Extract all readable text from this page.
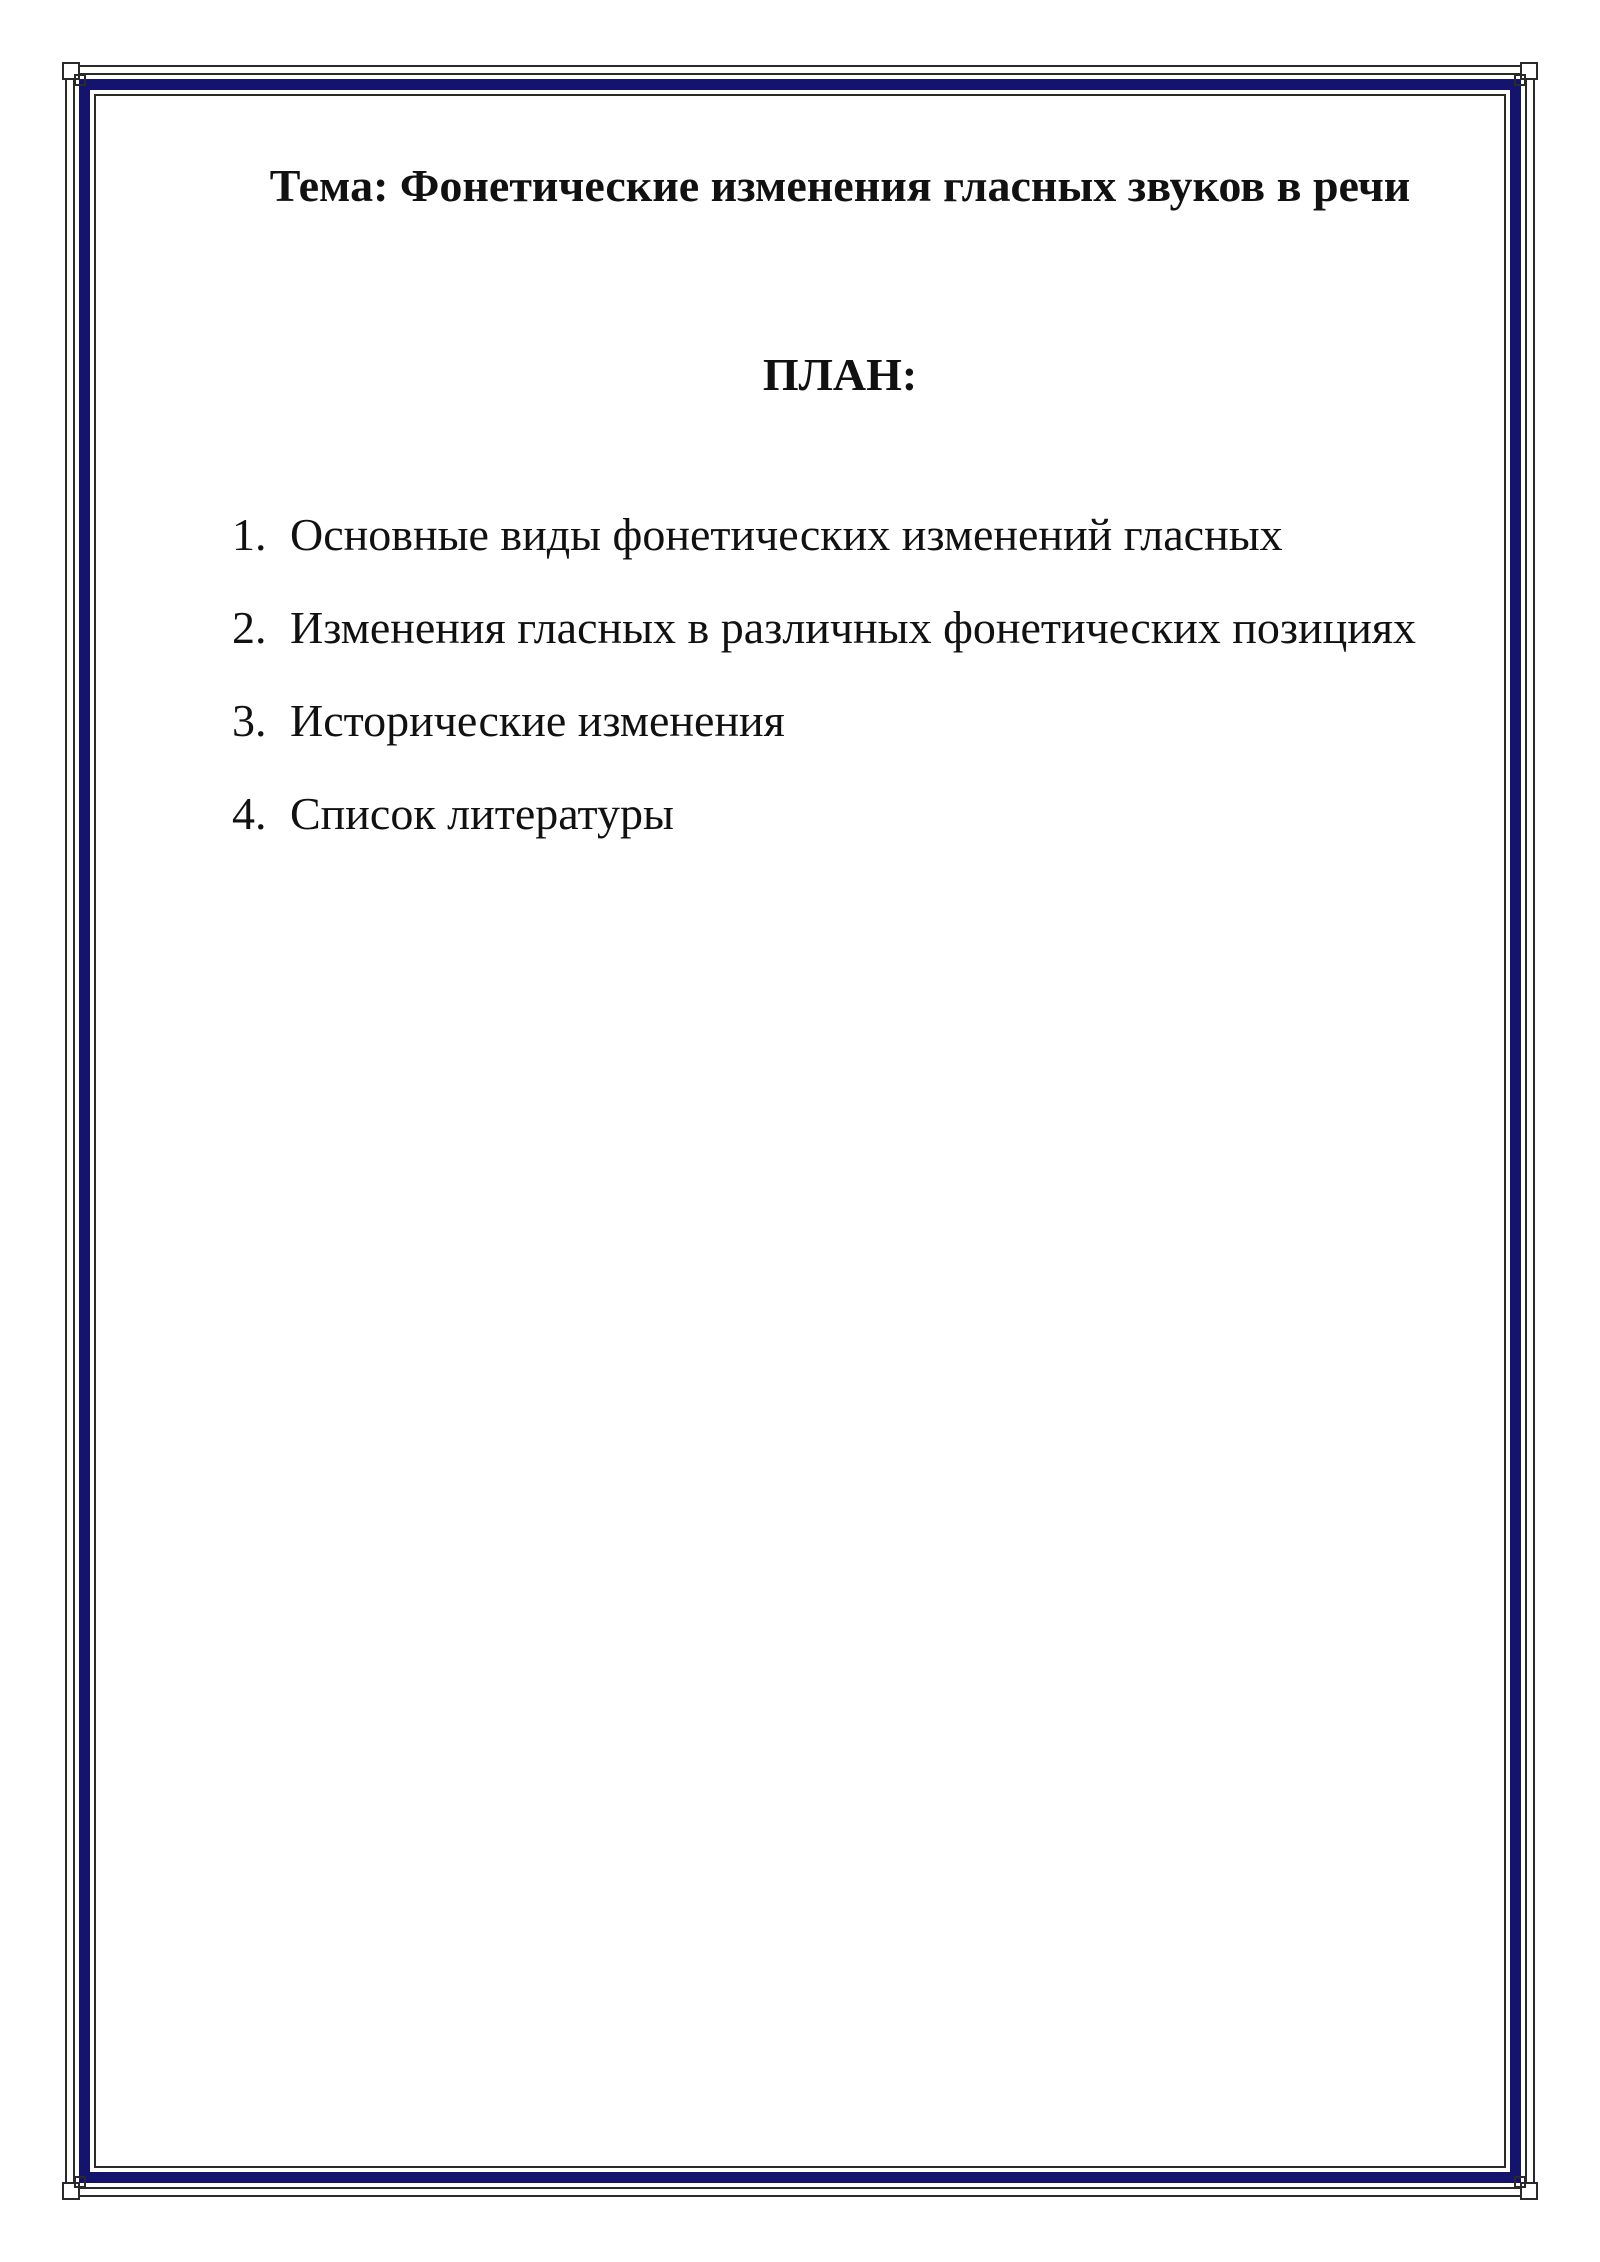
Тема: Фонетические изменения гласных звуков в речи
ПЛАН:
1. Основные виды фонетических изменений гласных
2. Изменения гласных в различных фонетических позициях
3. Исторические изменения
4. Список литературы
